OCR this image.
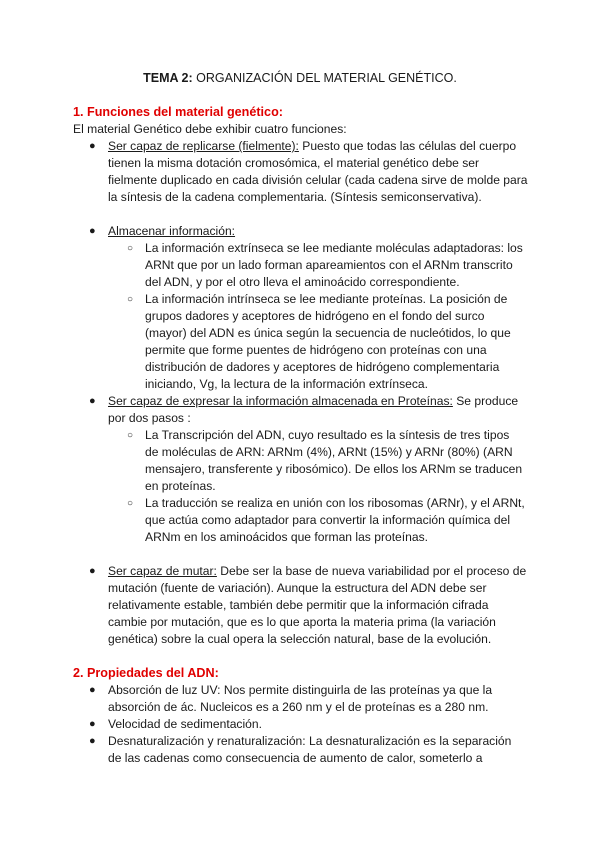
TEMA 2: ORGANIZACIÓN DEL MATERIAL GENÉTICO.
1. Funciones del material genético:
El material Genético debe exhibir cuatro funciones:
● Ser capaz de replicarse (fielmente): Puesto que todas las células del cuerpo tienen la misma dotación cromosómica, el material genético debe ser fielmente duplicado en cada división celular (cada cadena sirve de molde para la síntesis de la cadena complementaria. (Síntesis semiconservativa).
● Almacenar información:
○ La información extrínseca se lee mediante moléculas adaptadoras: los ARNt que por un lado forman apareamientos con el ARNm transcrito del ADN, y por el otro lleva el aminoácido correspondiente.
○ La información intrínseca se lee mediante proteínas. La posición de grupos dadores y aceptores de hidrógeno en el fondo del surco (mayor) del ADN es única según la secuencia de nucleótidos, lo que permite que forme puentes de hidrógeno con proteínas con una distribución de dadores y aceptores de hidrógeno complementaria iniciando, Vg, la lectura de la información extrínseca.
● Ser capaz de expresar la información almacenada en Proteínas: Se produce por dos pasos :
○ La Transcripción del ADN, cuyo resultado es la síntesis de tres tipos de moléculas de ARN: ARNm (4%), ARNt (15%) y ARNr (80%) (ARN mensajero, transferente y ribosómico). De ellos los ARNm se traducen en proteínas.
○ La traducción se realiza en unión con los ribosomas (ARNr), y el ARNt, que actúa como adaptador para convertir la información química del ARNm en los aminoácidos que forman las proteínas.
● Ser capaz de mutar: Debe ser la base de nueva variabilidad por el proceso de mutación (fuente de variación). Aunque la estructura del ADN debe ser relativamente estable, también debe permitir que la información cifrada cambie por mutación, que es lo que aporta la materia prima (la variación genética) sobre la cual opera la selección natural, base de la evolución.
2. Propiedades del ADN:
● Absorción de luz UV: Nos permite distinguirla de las proteínas ya que la absorción de ác. Nucleicos es a 260 nm y el de proteínas es a 280 nm.
● Velocidad de sedimentación.
● Desnaturalización y renaturalización: La desnaturalización es la separación de las cadenas como consecuencia de aumento de calor, someterlo a
